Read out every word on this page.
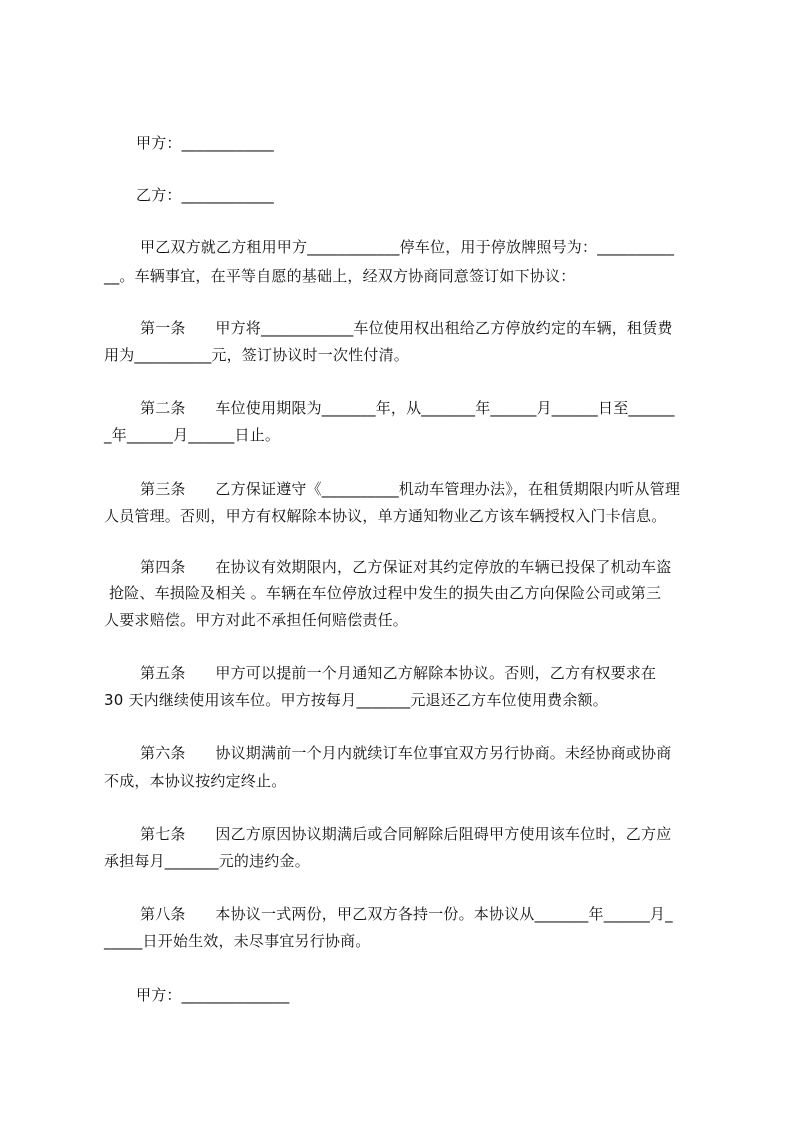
甲方：____________
乙方：____________
甲乙双方就乙方租用甲方____________停车位，用于停放牌照号为：__________
__。车辆事宜，在平等自愿的基础上，经双方协商同意签订如下协议：
第一条      甲方将____________车位使用权出租给乙方停放约定的车辆，租赁费
用为__________元，签订协议时一次性付清。
第二条      车位使用期限为_______年，从_______年______月______日至______
_年______月______日止。
第三条      乙方保证遵守《__________机动车管理办法》，在租赁期限内听从管理
人员管理。否则，甲方有权解除本协议，单方通知物业乙方该车辆授权入门卡信息。
第四条      在协议有效期限内，乙方保证对其约定停放的车辆已投保了机动车盗
抢险、车损险及相关 。车辆在车位停放过程中发生的损失由乙方向保险公司或第三
人要求赔偿。甲方对此不承担任何赔偿责任。
第五条      甲方可以提前一个月通知乙方解除本协议。否则，乙方有权要求在
30 天内继续使用该车位。甲方按每月_______元退还乙方车位使用费余额。
第六条      协议期满前一个月内就续订车位事宜双方另行协商。未经协商或协商
不成，本协议按约定终止。
第七条      因乙方原因协议期满后或合同解除后阻碍甲方使用该车位时，乙方应
承担每月_______元的违约金。
第八条      本协议一式两份，甲乙双方各持一份。本协议从_______年______月_
_____日开始生效，未尽事宜另行协商。
甲方：______________
